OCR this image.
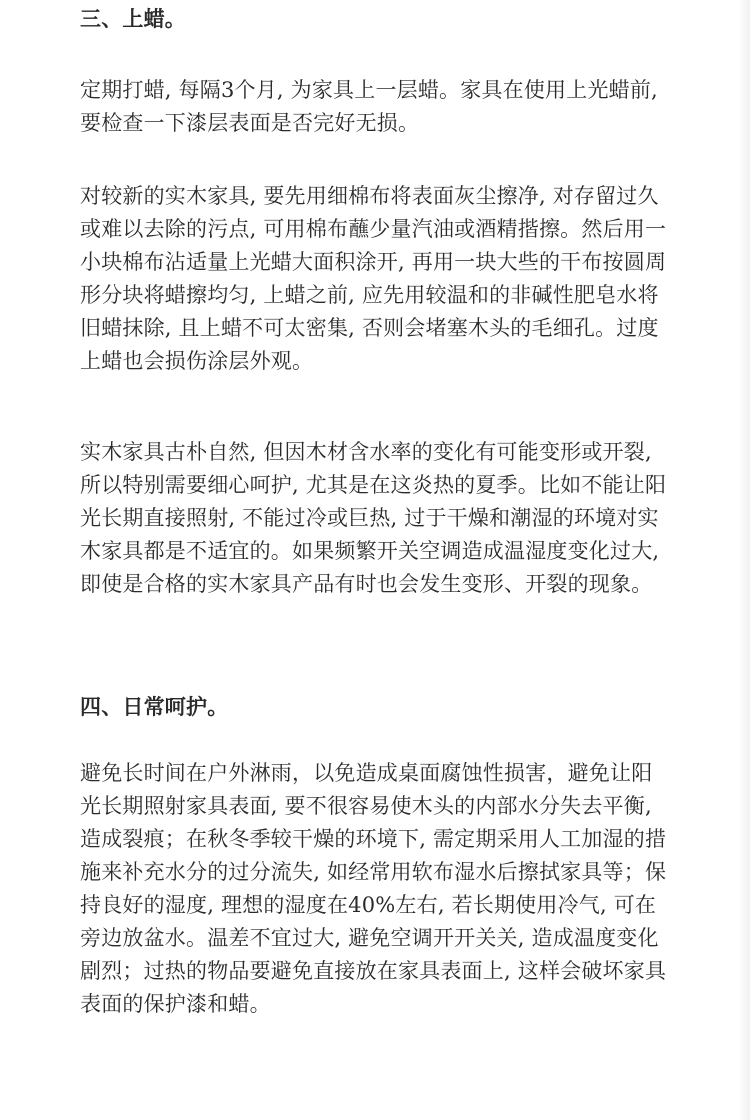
三、上蜡。

定期打蜡, 每隔3个月, 为家具上一层蜡。家具在使用上光蜡前, 要检查一下漆层表面是否完好无损。

对较新的实木家具, 要先用细棉布将表面灰尘擦净, 对存留过久或难以去除的污点, 可用棉布蘸少量汽油或酒精揩擦。然后用一小块棉布沾适量上光蜡大面积涂开, 再用一块大些的干布按圆周形分块将蜡擦均匀, 上蜡之前, 应先用较温和的非碱性肥皂水将旧蜡抹除, 且上蜡不可太密集, 否则会堵塞木头的毛细孔。过度上蜡也会损伤涂层外观。

实木家具古朴自然, 但因木材含水率的变化有可能变形或开裂, 所以特别需要细心呵护, 尤其是在这炎热的夏季。比如不能让阳光长期直接照射, 不能过冷或巨热, 过于干燥和潮湿的环境对实木家具都是不适宜的。如果频繁开关空调造成温湿度变化过大, 即使是合格的实木家具产品有时也会发生变形、开裂的现象。

四、日常呵护。

避免长时间在户外淋雨，以免造成桌面腐蚀性损害，避免让阳光长期照射家具表面, 要不很容易使木头的内部水分失去平衡, 造成裂痕；在秋冬季较干燥的环境下, 需定期采用人工加湿的措施来补充水分的过分流失, 如经常用软布湿水后擦拭家具等；保持良好的湿度, 理想的湿度在40%左右, 若长期使用冷气, 可在旁边放盆水。温差不宜过大, 避免空调开开关关, 造成温度变化剧烈；过热的物品要避免直接放在家具表面上, 这样会破坏家具表面的保护漆和蜡。
